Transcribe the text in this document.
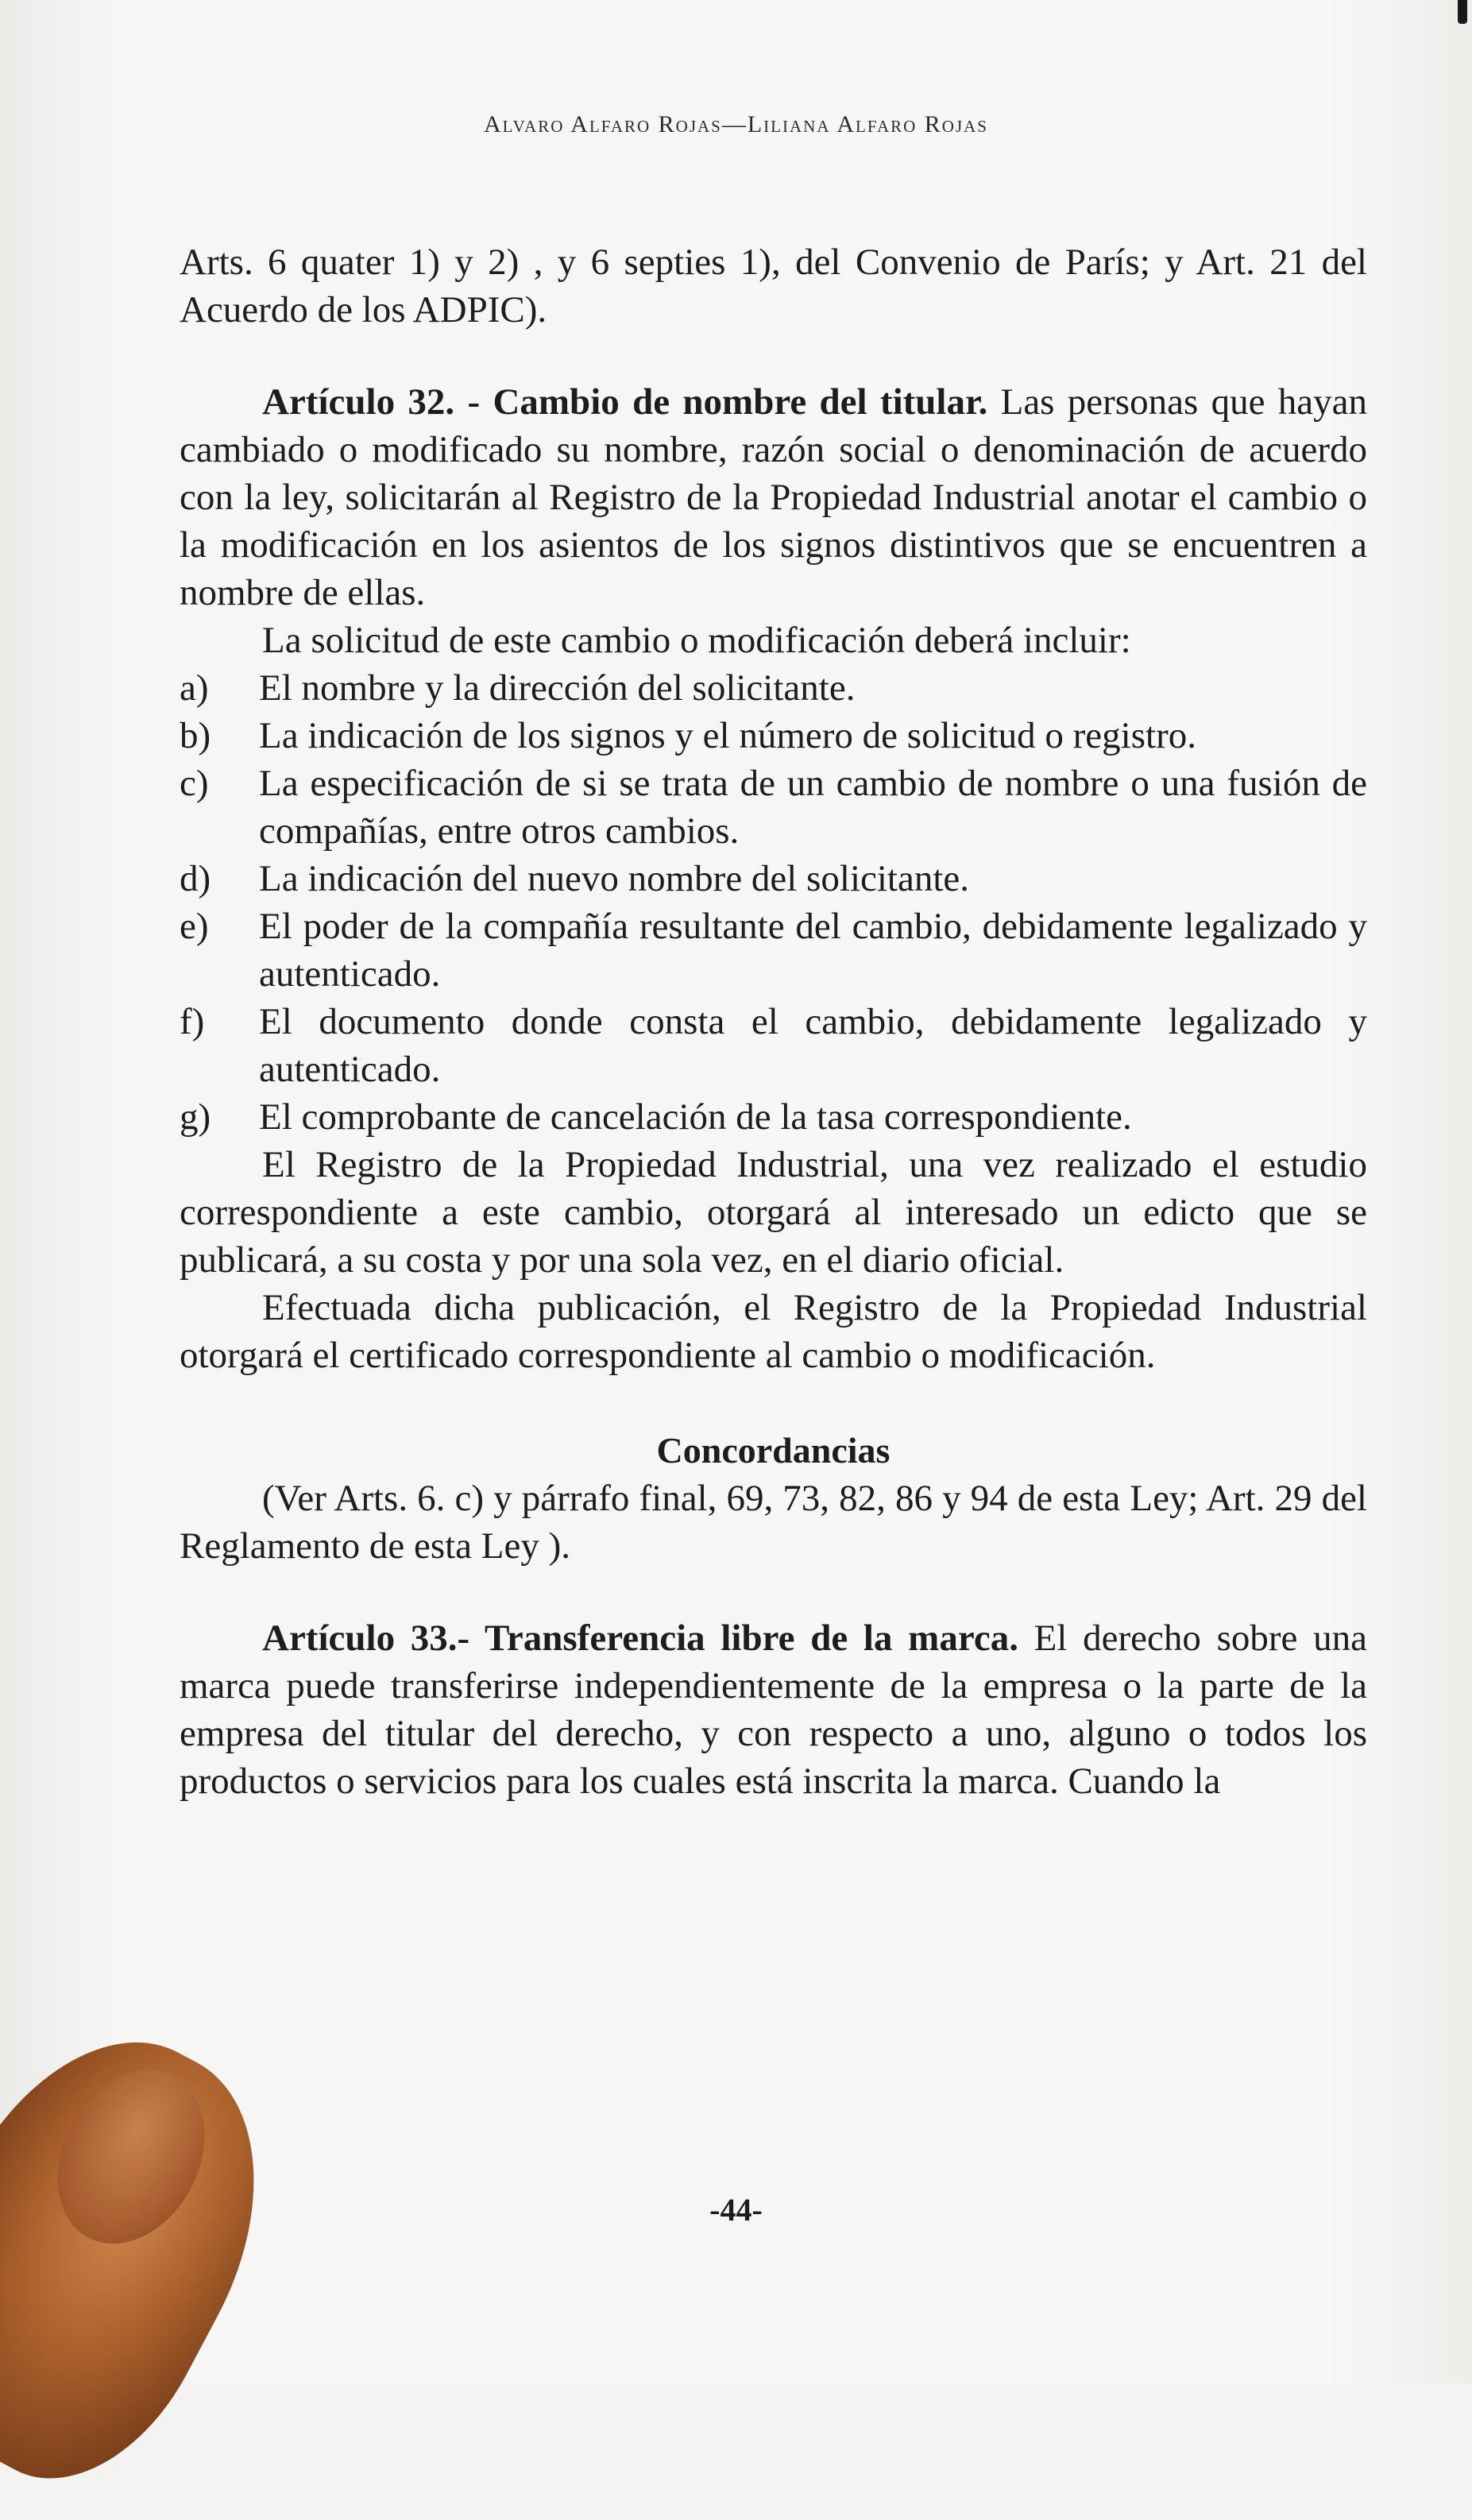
Alvaro Alfaro Rojas—Liliana Alfaro Rojas

Arts. 6 quater 1) y 2) , y 6 septies 1), del Convenio de París; y Art. 21 del Acuerdo de los ADPIC).

Artículo 32. - Cambio de nombre del titular. Las personas que hayan cambiado o modificado su nombre, razón social o denominación de acuerdo con la ley, solicitarán al Registro de la Propiedad Industrial anotar el cambio o la modificación en los asientos de los signos distintivos que se encuentren a nombre de ellas.

La solicitud de este cambio o modificación deberá incluir:

a) El nombre y la dirección del solicitante.
b) La indicación de los signos y el número de solicitud o registro.
c) La especificación de si se trata de un cambio de nombre o una fusión de compañías, entre otros cambios.
d) La indicación del nuevo nombre del solicitante.
e) El poder de la compañía resultante del cambio, debidamente legalizado y autenticado.
f) El documento donde consta el cambio, debidamente legalizado y autenticado.
g) El comprobante de cancelación de la tasa correspondiente.

El Registro de la Propiedad Industrial, una vez realizado el estudio correspondiente a este cambio, otorgará al interesado un edicto que se publicará, a su costa y por una sola vez, en el diario oficial.

Efectuada dicha publicación, el Registro de la Propiedad Industrial otorgará el certificado correspondiente al cambio o modificación.

Concordancias

(Ver Arts. 6. c) y párrafo final, 69, 73, 82, 86 y 94 de esta Ley; Art. 29 del Reglamento de esta Ley ).

Artículo 33.- Transferencia libre de la marca. El derecho sobre una marca puede transferirse independientemente de la empresa o la parte de la empresa del titular del derecho, y con respecto a uno, alguno o todos los productos o servicios para los cuales está inscrita la marca. Cuando la

-44-
